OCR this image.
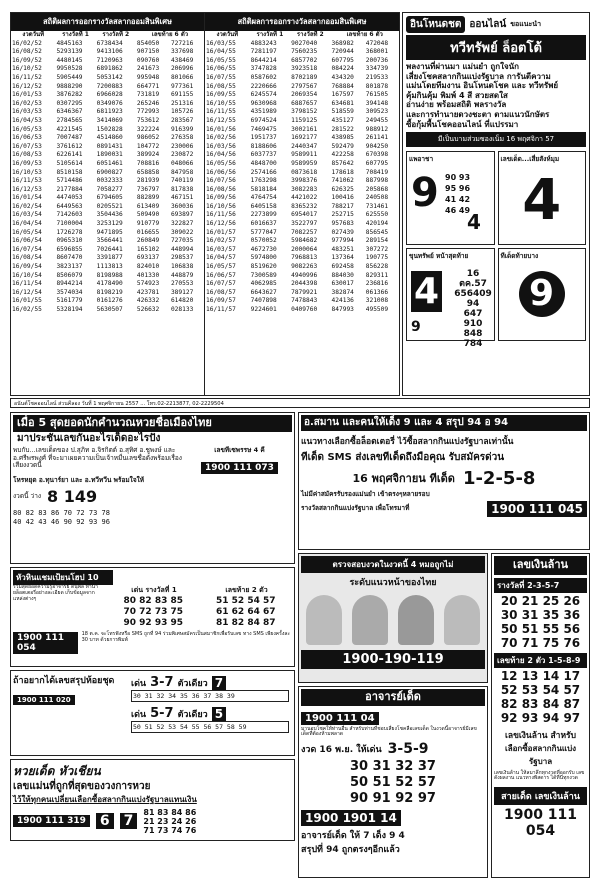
สถิติผลการออกรางวัลสลากออมสินพิเศษ
งวดวันที่	รางวัลที่ 1	รางวัลที่ 2	เลขท้าย 6 ตัว	
16/02/52	4845163	6738434	854050	727216
16/08/52	5293139	9413106	907150	337698
16/09/52	4480145	7120963	090760	438469
16/10/52	9950528	6891862	241673	206996
16/11/52	5905449	5053142	995948	801066
16/12/52	9888290	7200883	664771	977361
16/01/53	3876282	6966028	731819	691155
16/02/53	0307295	0349076	265246	251316
16/03/53	6346367	6811923	772993	105726
16/04/53	2784565	3414069	753612	283567
16/05/53	4221545	1502828	322224	916399
16/06/53	7007487	4514860	986052	276358
16/07/53	3761612	0891431	104772	230006
16/08/53	6226141	1890031	389924	230872
16/09/53	5105614	6051461	708816	048066
16/10/53	8510158	6900827	658858	847958
16/11/53	5714486	0032333	281939	740119
16/12/53	2177884	7058277	736797	817838
16/01/54	4474053	6794605	882899	467151
16/02/54	6449563	0205521	613409	360036
16/03/54	7142603	3504436	509490	693897
16/04/54	7100004	3253129	910779	322827
16/05/54	1726278	9471895	016655	309022
16/06/54	0965310	3566441	260849	727035
16/07/54	6596855	7026441	165102	448994
16/08/54	8607470	3391877	693137	298537
16/09/54	3823137	1113813	824010	106838
16/10/54	8506079	8198988	401330	448879
16/11/54	8944214	4178490	574923	270553
16/12/54	3574034	8198219	423781	389127
16/01/55	5161779	0161276	426332	614820
16/02/55	5328194	5630507	526632	028133
สถิติผลการออกรางวัลสลากออมสินพิเศษ
งวดวันที่	รางวัลที่ 1	รางวัลที่ 2	เลขท้าย 6 ตัว	
16/03/55	4883243	9027040	368982	472048
16/04/55	7281197	7560235	720944	368001
16/05/55	8644214	6857702	607795	200736
16/06/55	3747828	3923518	084224	334739
16/07/55	0587602	8702189	434320	219533
16/08/55	2220666	2797567	768884	801878
16/09/55	6245574	2069354	167597	761505
16/10/55	9630968	6887657	634681	394148
16/11/55	4351989	3798152	518559	309523
16/12/55	6974524	1159125	435127	249455
16/01/56	7469475	3002161	281522	988912
16/02/56	1951737	1692177	438985	261141
16/03/56	8188606	2440347	592479	904250
16/04/56	6037737	9589911	422258	670398
16/05/56	4848700	9589959	857642	607795
16/06/56	2574166	0873618	178618	708419
16/07/56	1763298	3998376	741062	887998
16/08/56	5818184	3082283	626325	205868
16/09/56	4764754	4421022	100416	240508
16/10/56	6405158	8365232	788217	731461
16/11/56	2273899	6954017	252715	625550
16/12/56	6016637	3522797	957683	420194
16/01/57	5777047	7082257	027439	856545
16/02/57	0570052	5984682	977994	289154
16/03/57	4672730	2000064	483251	307272
16/04/57	5974800	7968813	137364	190775
16/05/57	8519620	9082263	692458	856228
16/06/57	7300589	4940996	884030	829311
16/07/57	4062985	2044398	630017	236816
16/08/57	6643627	7879921	382874	061366
16/09/57	7407898	7478843	424136	321008
16/11/57	9224601	0409760	847993	495509
อินโหนดชต ออนไลน์ ขอแนะนำ
ทวีทรัพย์ ล็อตโต้

พลงานที่ผ่านมา แม่นยำ ถูกใจนัก

เสี่ยงโชคสลากกินแบ่งรัฐบาล การันตีความ

แม่นโดยทีมงาน อินโหนดโชค และ ทวีทรัพย์

คุ้มกินคุ้ม พิมพ์ 4 สี สวยสดใส

อ่านง่าย พร้อมสถิติ พลรางวัล

และการทำนายดวงชะตา ตามแนวนักษัตร

ซื้อกุ้มพื้นโชคออนไลน์ ที่แปรรมา

มีเป็นบามส่วมซองเน็ม 16 พฤศจิกา 57
แพอาชา
9 90 93
95 96
41 42
46 49
4
เลขเด็ด...เสี่ยสังห์มุม
4
ขุนทรัพย์ หน้าสุดท้าย
4	16 ตค.57
656409
94
647 910
848 784
9
ทีเด็ดท้ายบาง
9
อนันต์โชคออนไลน์ ส่วนคีลอง วันที่ 1 พฤศจิกายน 2557 ... โทร.02-2213877, 02-2229504
เมื่อ 5 สุดยอดนักคำนวณหวยชื่อเมืองไทย
มาประชันเลขกันอะไรเด็ดอะไรปัง
พบกับ...เลขเด็ดของ ป.สุภิท อ.จิรกิตต์ อ.สุทิศ อ.ชูพงษ์ และ อ.ศรีพรพงศ์ ที่จะมาเผยความเป็นเจ้าหมื่นเลขชื่อดังพร้อมเรื่องเสียงงวดนี้
เลขทีเซพรรษ 4 คี
1900 111 073
โหรหยุด อ.ทุนาร์ยา และ อ.ทวีทวีน พร้อมใจให้
งวดนี้ ว่าง 8 149
80 82 83 86 70 72 73 78
40 42 43 46 90 92 93 96
หัวหินแชมเป้ยนโฮป 10
รวมสุดยอดความรู้อาจารย์ ดนุพล ทำนายล็อตเตอรี่อย่างละเอียด เก็บข้อมูลจากแหล่งต่างๆ
เด่น รางวัลที่ 1	เลขท้าย 2 ตัว
80 82 83 85
70 72 73 75
90 92 93 95
51 52 54 57
61 62 64 67
81 82 84 87
1900 111 054
18 ต.ค. จะโทรฟังหรือ SMS ถูกที่ 94 ร่วมพิเศษสมัครเป็นสมาชิกเพื่อรับเลข ทาง SMS เพียงครั้งละ 30 บาท ด้วยการพิมพ์
ถ้าอยากได้เลขสรุปห้อยชุด
1900 111 020
เด่น 3-7 ตัวเดียว 7
30 31 32 34 35 36 37 38 39
เด่น 5-7 ตัวเดียว 5
50 51 52 53 54 55 56 57 58 59
หวยเด็ด หัวเชียน
เลขแม่นที่ถูกที่สุดของวงการหวย
ไว้ให้ทุกคนเปลี่ยนเลือกซื้อสลากกินแบ่งรัฐบาลแทนเงิน
1900 111 319 6 7
81 83 84 86
21 23 24 26
71 73 74 76
อ.สมาน และคนให้เด็ง 9 และ 4 สรุป 94 อ 94
แนวทางเลือกซื้อล็อตเตอรี่ ไว้ซื้อสลากกินแบ่งรัฐบาลเท่านั้น
ทีเด็ด SMS ส่งเลขทีเด็ดถึงมือคุณ รับสมัครด่วน
16 พฤศจิกายน ทีเด็ด 1-2-5-8
ไม่มีค่าสมัครรับรองแม่นยำ เข้าตรงๆหลายรอบ
รางวัลสลากกินแบ่งรัฐบาล เพื่อโทรมาที่	1900 111 045
ตรวจสอบงวดในงวดนี้ 4 หมอถูกไม่
ระดับแนวหน้าของไทย
1900-190-119
อาจารย์เด็ด
1900 111 04
มานอบโชคให้ท่านอื่น สำหรับท่านที่ชอบเสี่ยงโชคลือเลขเด็ด ในงวดนี้อาจารย์มีเลขเด็ดที่ต้องห้ามพลาด
งวด 16 พ.ย. ให้เด่น 3-5-9
30 31 32 37
50 51 52 57
90 91 92 97
1900 1901 14
อาจารย์เด็ด ให้ 7 เด็ง 9 4
สรุปที่ 94 ถูกตรงๆอีกแล้ว
เลขเงินล้าน
รางวัลที่ 2-3-5-7
20 21 25 26
30 31 35 36
50 51 55 56
70 71 75 76
เลขท้าย 2 ตัว 1-5-8-9
12 13 14 17
52 53 54 57
82 83 84 87
92 93 94 97
เลขเงินล้าน สำหรับ
เลือกซื้อสลากกินแบ่งรัฐบาล
เลขเงินล้าน ให้ลมาลึกทุกงวดที่ออกรับ เลขดังผลงาน แนวทางพิสดาร ได้ที่นี่ทุกงวด
สายเด็ด เลขเงินล้าน
1900 111 054
